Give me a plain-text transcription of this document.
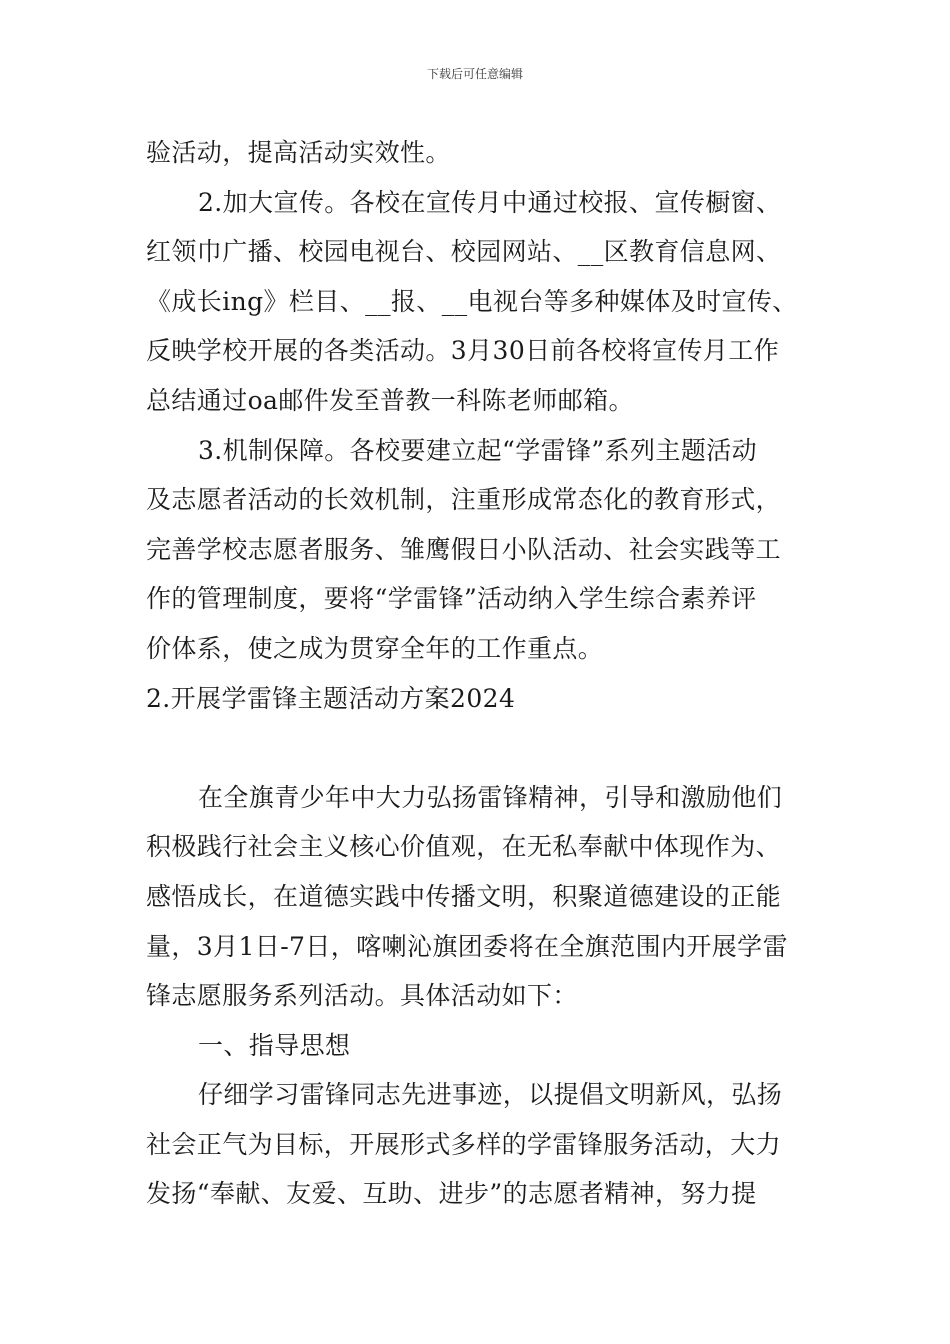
下载后可任意编辑
验活动，提高活动实效性。
2.加大宣传。各校在宣传月中通过校报、宣传橱窗、
红领巾广播、校园电视台、校园网站、__区教育信息网、
《成长ing》栏目、__报、__电视台等多种媒体及时宣传、
反映学校开展的各类活动。3月30日前各校将宣传月工作
总结通过oa邮件发至普教一科陈老师邮箱。
3.机制保障。各校要建立起“学雷锋”系列主题活动
及志愿者活动的长效机制，注重形成常态化的教育形式，
完善学校志愿者服务、雏鹰假日小队活动、社会实践等工
作的管理制度，要将“学雷锋”活动纳入学生综合素养评
价体系，使之成为贯穿全年的工作重点。
2.开展学雷锋主题活动方案2024
在全旗青少年中大力弘扬雷锋精神，引导和激励他们
积极践行社会主义核心价值观，在无私奉献中体现作为、
感悟成长，在道德实践中传播文明，积聚道德建设的正能
量，3月1日-7日，喀喇沁旗团委将在全旗范围内开展学雷
锋志愿服务系列活动。具体活动如下：
一、指导思想
仔细学习雷锋同志先进事迹，以提倡文明新风，弘扬
社会正气为目标，开展形式多样的学雷锋服务活动，大力
发扬“奉献、友爱、互助、进步”的志愿者精神，努力提
